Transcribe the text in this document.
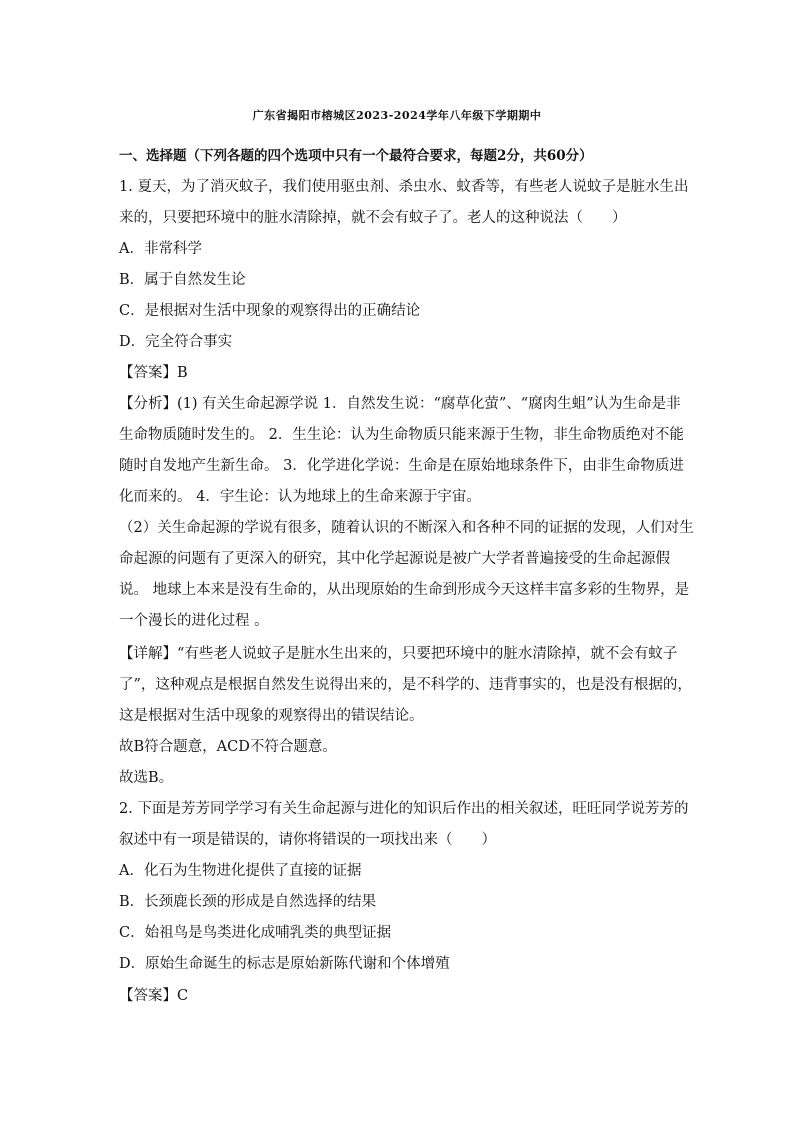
广东省揭阳市榕城区2023-2024学年八年级下学期期中
一、选择题（下列各题的四个选项中只有一个最符合要求，每题2分，共60分）
1. 夏天，为了消灭蚊子，我们使用驱虫剂、杀虫水、蚊香等，有些老人说蚊子是脏水生出
来的，只要把环境中的脏水清除掉，就不会有蚊子了。老人的这种说法（　　）
A．非常科学
B．属于自然发生论
C．是根据对生活中现象的观察得出的正确结论
D．完全符合事实
【答案】B
【分析】(1) 有关生命起源学说 1．自然发生说：“腐草化萤”、“腐肉生蛆”认为生命是非
生命物质随时发生的。 2．生生论：认为生命物质只能来源于生物，非生命物质绝对不能
随时自发地产生新生命。 3．化学进化学说：生命是在原始地球条件下，由非生命物质进
化而来的。 4．宇生论：认为地球上的生命来源于宇宙。
（2）关生命起源的学说有很多，随着认识的不断深入和各种不同的证据的发现，人们对生
命起源的问题有了更深入的研究，其中化学起源说是被广大学者普遍接受的生命起源假
说。 地球上本来是没有生命的，从出现原始的生命到形成今天这样丰富多彩的生物界，是
一个漫长的进化过程 。
【详解】“有些老人说蚊子是脏水生出来的，只要把环境中的脏水清除掉，就不会有蚊子
了”，这种观点是根据自然发生说得出来的，是不科学的、违背事实的，也是没有根据的，
这是根据对生活中现象的观察得出的错误结论。
故B符合题意，ACD不符合题意。
故选B。
2. 下面是芳芳同学学习有关生命起源与进化的知识后作出的相关叙述，旺旺同学说芳芳的
叙述中有一项是错误的，请你将错误的一项找出来（　　）
A．化石为生物进化提供了直接的证据
B．长颈鹿长颈的形成是自然选择的结果
C．始祖鸟是鸟类进化成哺乳类的典型证据
D．原始生命诞生的标志是原始新陈代谢和个体增殖
【答案】C
